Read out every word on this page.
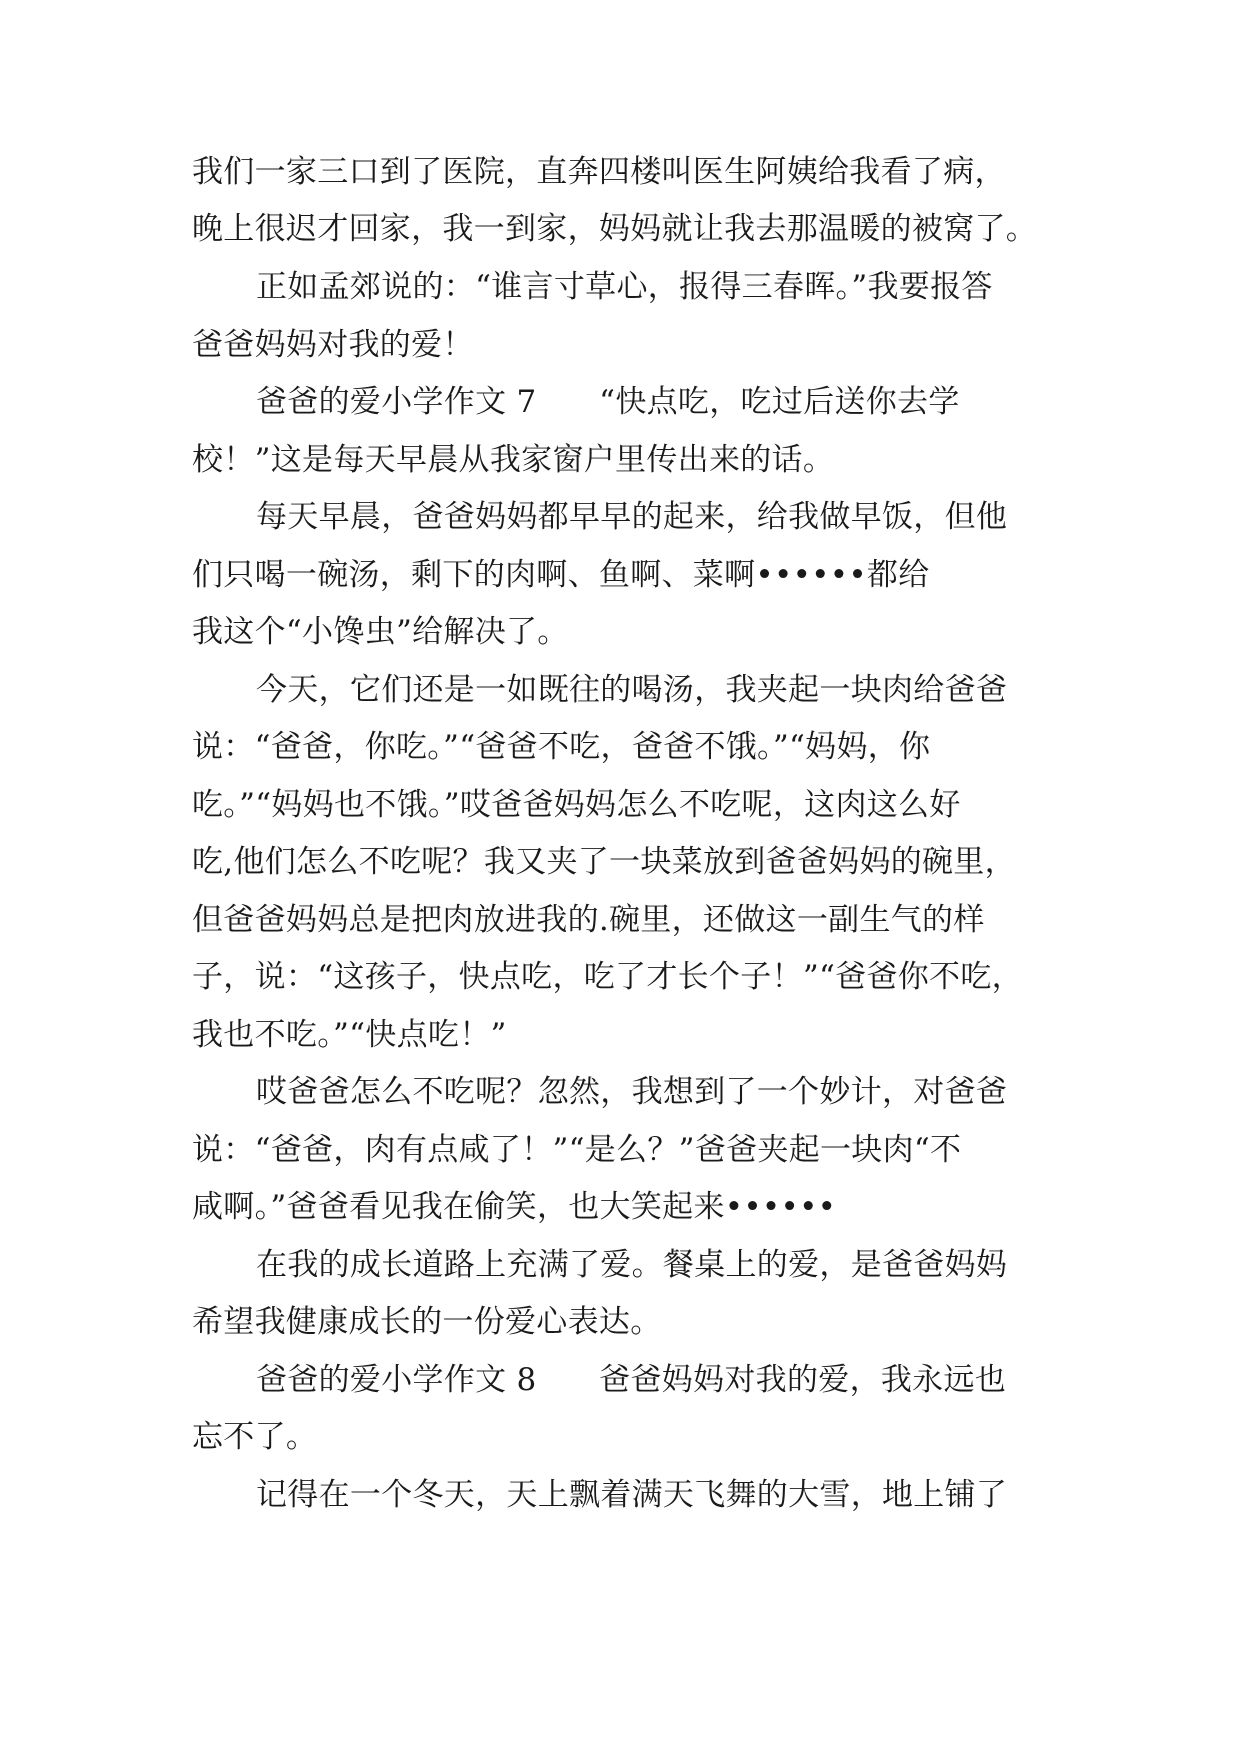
我们一家三口到了医院，直奔四楼叫医生阿姨给我看了病，
晚上很迟才回家，我一到家，妈妈就让我去那温暖的被窝了。
正如孟郊说的：“谁言寸草心，报得三春晖。”我要报答
爸爸妈妈对我的爱！
爸爸的爱小学作文 7　　“快点吃，吃过后送你去学
校！”这是每天早晨从我家窗户里传出来的话。
每天早晨，爸爸妈妈都早早的起来，给我做早饭，但他
们只喝一碗汤，剩下的肉啊、鱼啊、菜啊••••••都给
我这个“小馋虫”给解决了。
今天，它们还是一如既往的喝汤，我夹起一块肉给爸爸
说：“爸爸，你吃。”“爸爸不吃，爸爸不饿。”“妈妈，你
吃。”“妈妈也不饿。”哎爸爸妈妈怎么不吃呢，这肉这么好
吃,他们怎么不吃呢？我又夹了一块菜放到爸爸妈妈的碗里，
但爸爸妈妈总是把肉放进我的.碗里，还做这一副生气的样
子，说：“这孩子，快点吃，吃了才长个子！”“爸爸你不吃，
我也不吃。”“快点吃！”
哎爸爸怎么不吃呢？忽然，我想到了一个妙计，对爸爸
说：“爸爸，肉有点咸了！”“是么？”爸爸夹起一块肉“不
咸啊。”爸爸看见我在偷笑，也大笑起来••••••
在我的成长道路上充满了爱。餐桌上的爱，是爸爸妈妈
希望我健康成长的一份爱心表达。
爸爸的爱小学作文 8　　爸爸妈妈对我的爱，我永远也
忘不了。
记得在一个冬天，天上飘着满天飞舞的大雪，地上铺了
